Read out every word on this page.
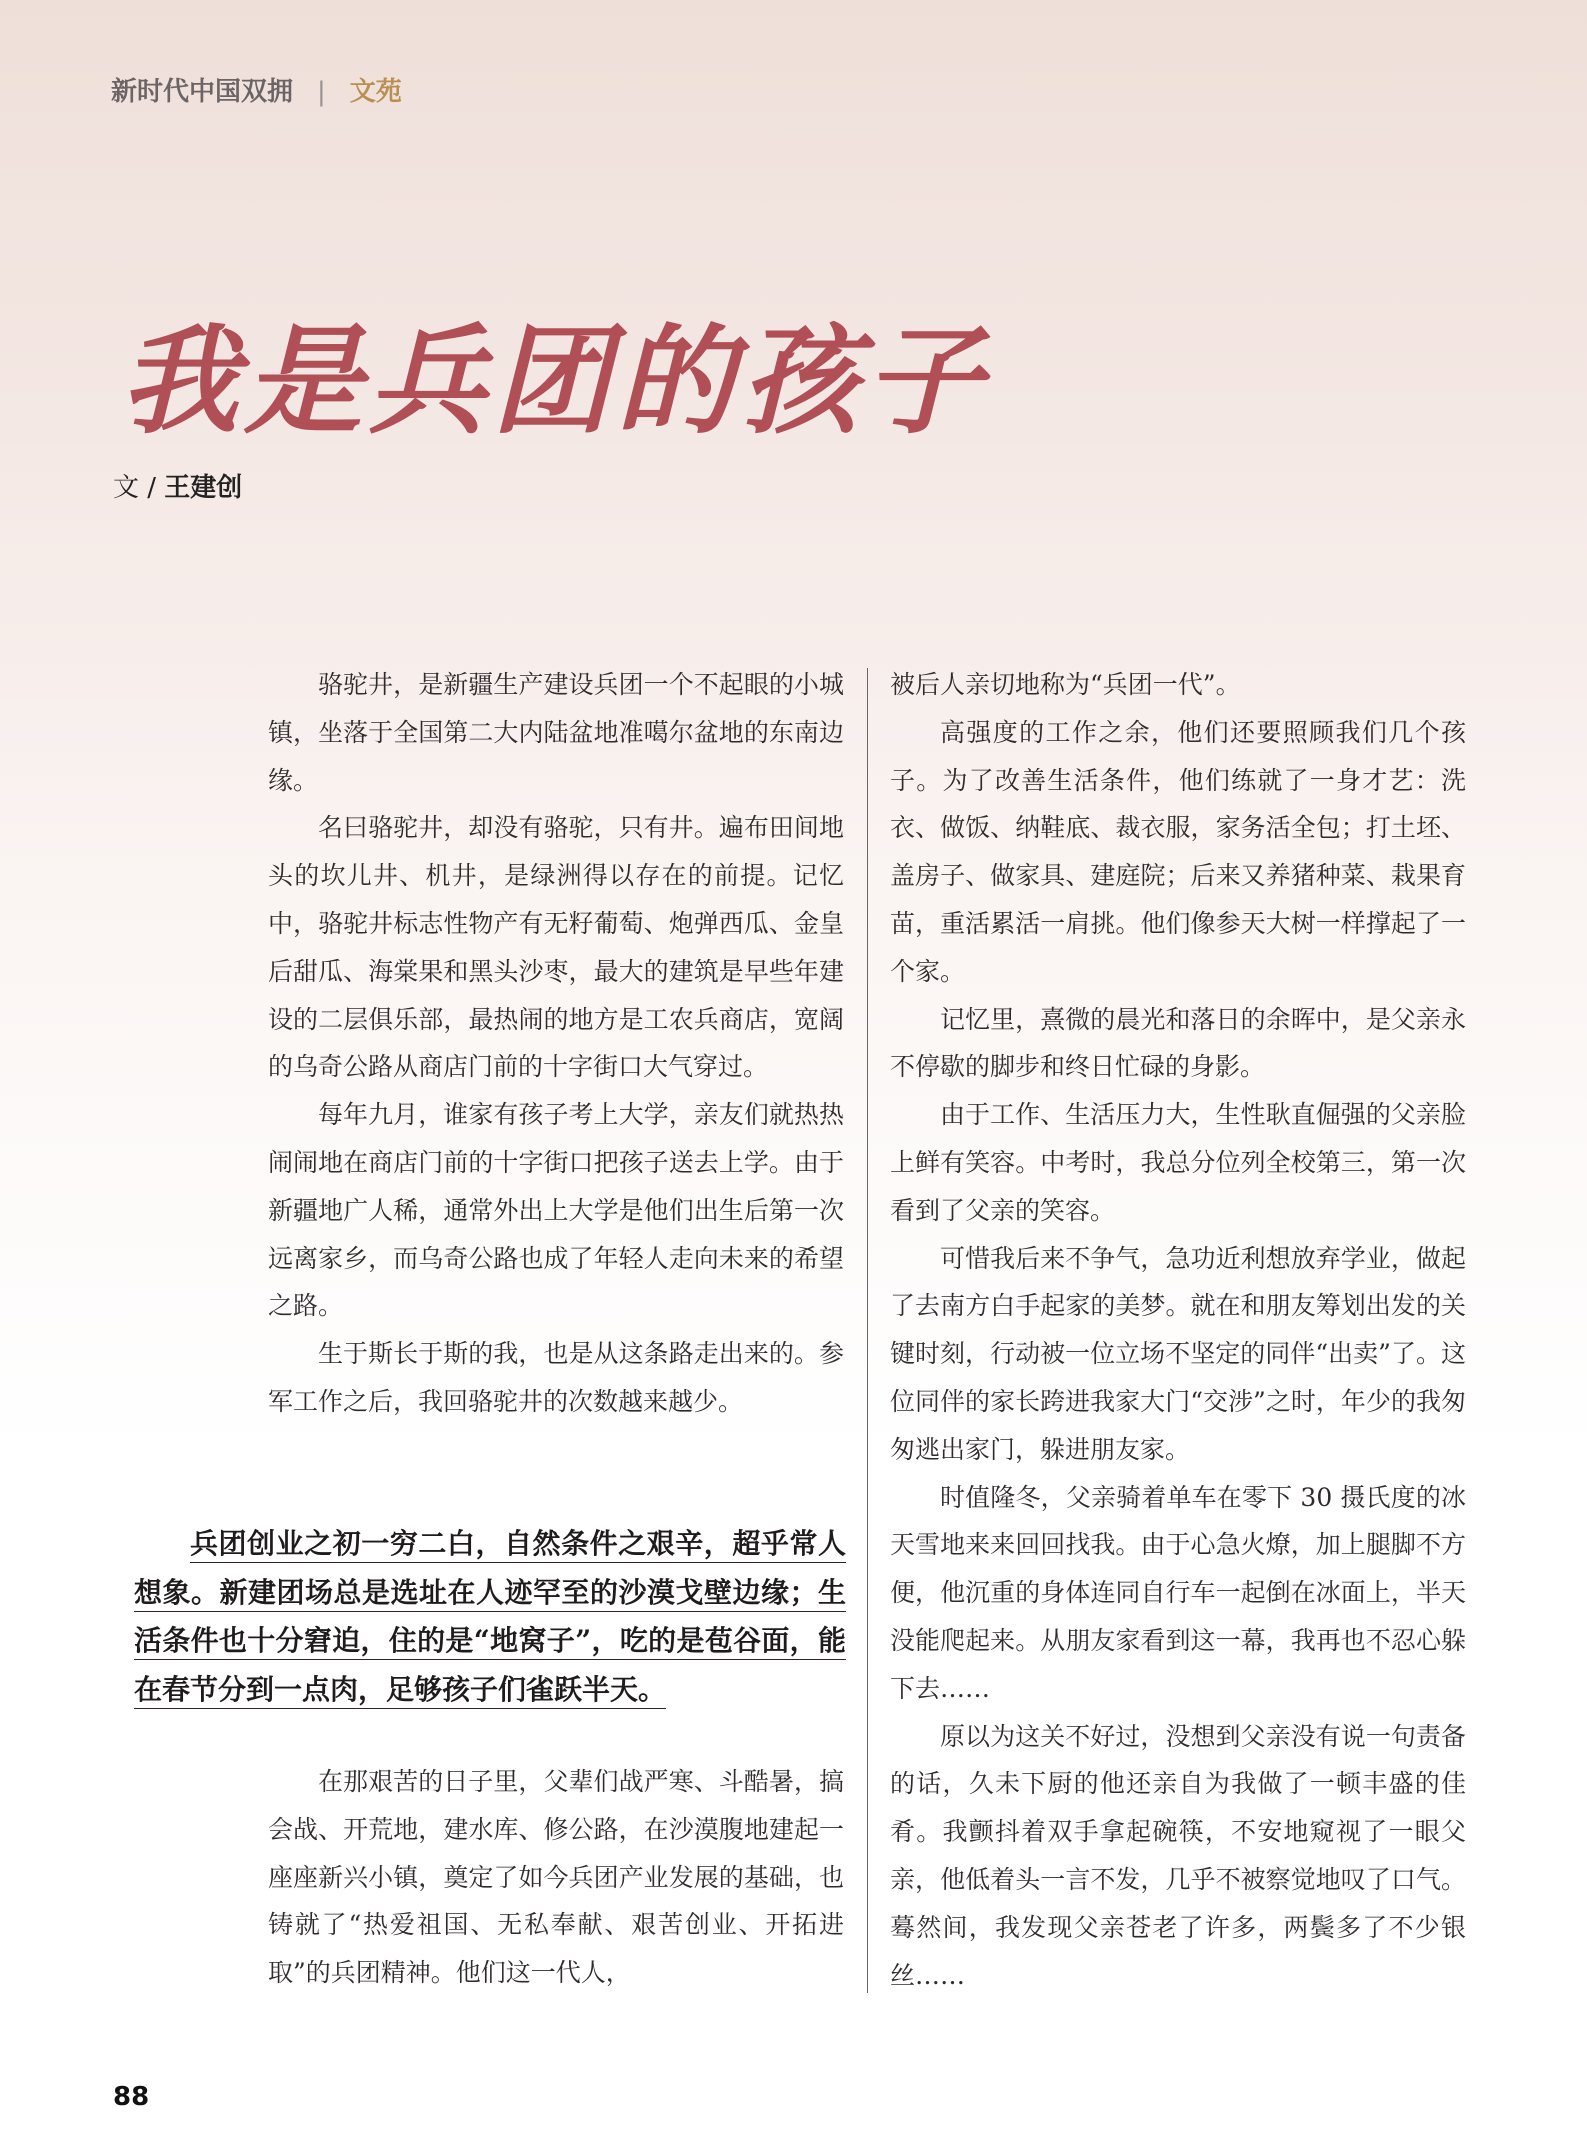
新时代中国双拥 | 文苑
我是兵团的孩子
文 / 王建创

骆驼井，是新疆生产建设兵团一个不起眼的小城镇，坐落于全国第二大内陆盆地准噶尔盆地的东南边缘。

名曰骆驼井，却没有骆驼，只有井。遍布田间地头的坎儿井、机井，是绿洲得以存在的前提。记忆中，骆驼井标志性物产有无籽葡萄、炮弹西瓜、金皇后甜瓜、海棠果和黑头沙枣，最大的建筑是早些年建设的二层俱乐部，最热闹的地方是工农兵商店，宽阔的乌奇公路从商店门前的十字街口大气穿过。

每年九月，谁家有孩子考上大学，亲友们就热热闹闹地在商店门前的十字街口把孩子送去上学。由于新疆地广人稀，通常外出上大学是他们出生后第一次远离家乡，而乌奇公路也成了年轻人走向未来的希望之路。

生于斯长于斯的我，也是从这条路走出来的。参军工作之后，我回骆驼井的次数越来越少。

兵团创业之初一穷二白，自然条件之艰辛，超乎常人想象。新建团场总是选址在人迹罕至的沙漠戈壁边缘；生活条件也十分窘迫，住的是“地窝子”，吃的是苞谷面，能在春节分到一点肉，足够孩子们雀跃半天。

在那艰苦的日子里，父辈们战严寒、斗酷暑，搞会战、开荒地，建水库、修公路，在沙漠腹地建起一座座新兴小镇，奠定了如今兵团产业发展的基础，也铸就了“热爱祖国、无私奉献、艰苦创业、开拓进取”的兵团精神。他们这一代人，

被后人亲切地称为“兵团一代”。

高强度的工作之余，他们还要照顾我们几个孩子。为了改善生活条件，他们练就了一身才艺：洗衣、做饭、纳鞋底、裁衣服，家务活全包；打土坯、盖房子、做家具、建庭院；后来又养猪种菜、栽果育苗，重活累活一肩挑。他们像参天大树一样撑起了一个家。

记忆里，熹微的晨光和落日的余晖中，是父亲永不停歇的脚步和终日忙碌的身影。

由于工作、生活压力大，生性耿直倔强的父亲脸上鲜有笑容。中考时，我总分位列全校第三，第一次看到了父亲的笑容。

可惜我后来不争气，急功近利想放弃学业，做起了去南方白手起家的美梦。就在和朋友筹划出发的关键时刻，行动被一位立场不坚定的同伴“出卖”了。这位同伴的家长跨进我家大门“交涉”之时，年少的我匆匆逃出家门，躲进朋友家。

时值隆冬，父亲骑着单车在零下 30 摄氏度的冰天雪地来来回回找我。由于心急火燎，加上腿脚不方便，他沉重的身体连同自行车一起倒在冰面上，半天没能爬起来。从朋友家看到这一幕，我再也不忍心躲下去……

原以为这关不好过，没想到父亲没有说一句责备的话，久未下厨的他还亲自为我做了一顿丰盛的佳肴。我颤抖着双手拿起碗筷，不安地窥视了一眼父亲，他低着头一言不发，几乎不被察觉地叹了口气。蓦然间，我发现父亲苍老了许多，两鬓多了不少银丝……

88
